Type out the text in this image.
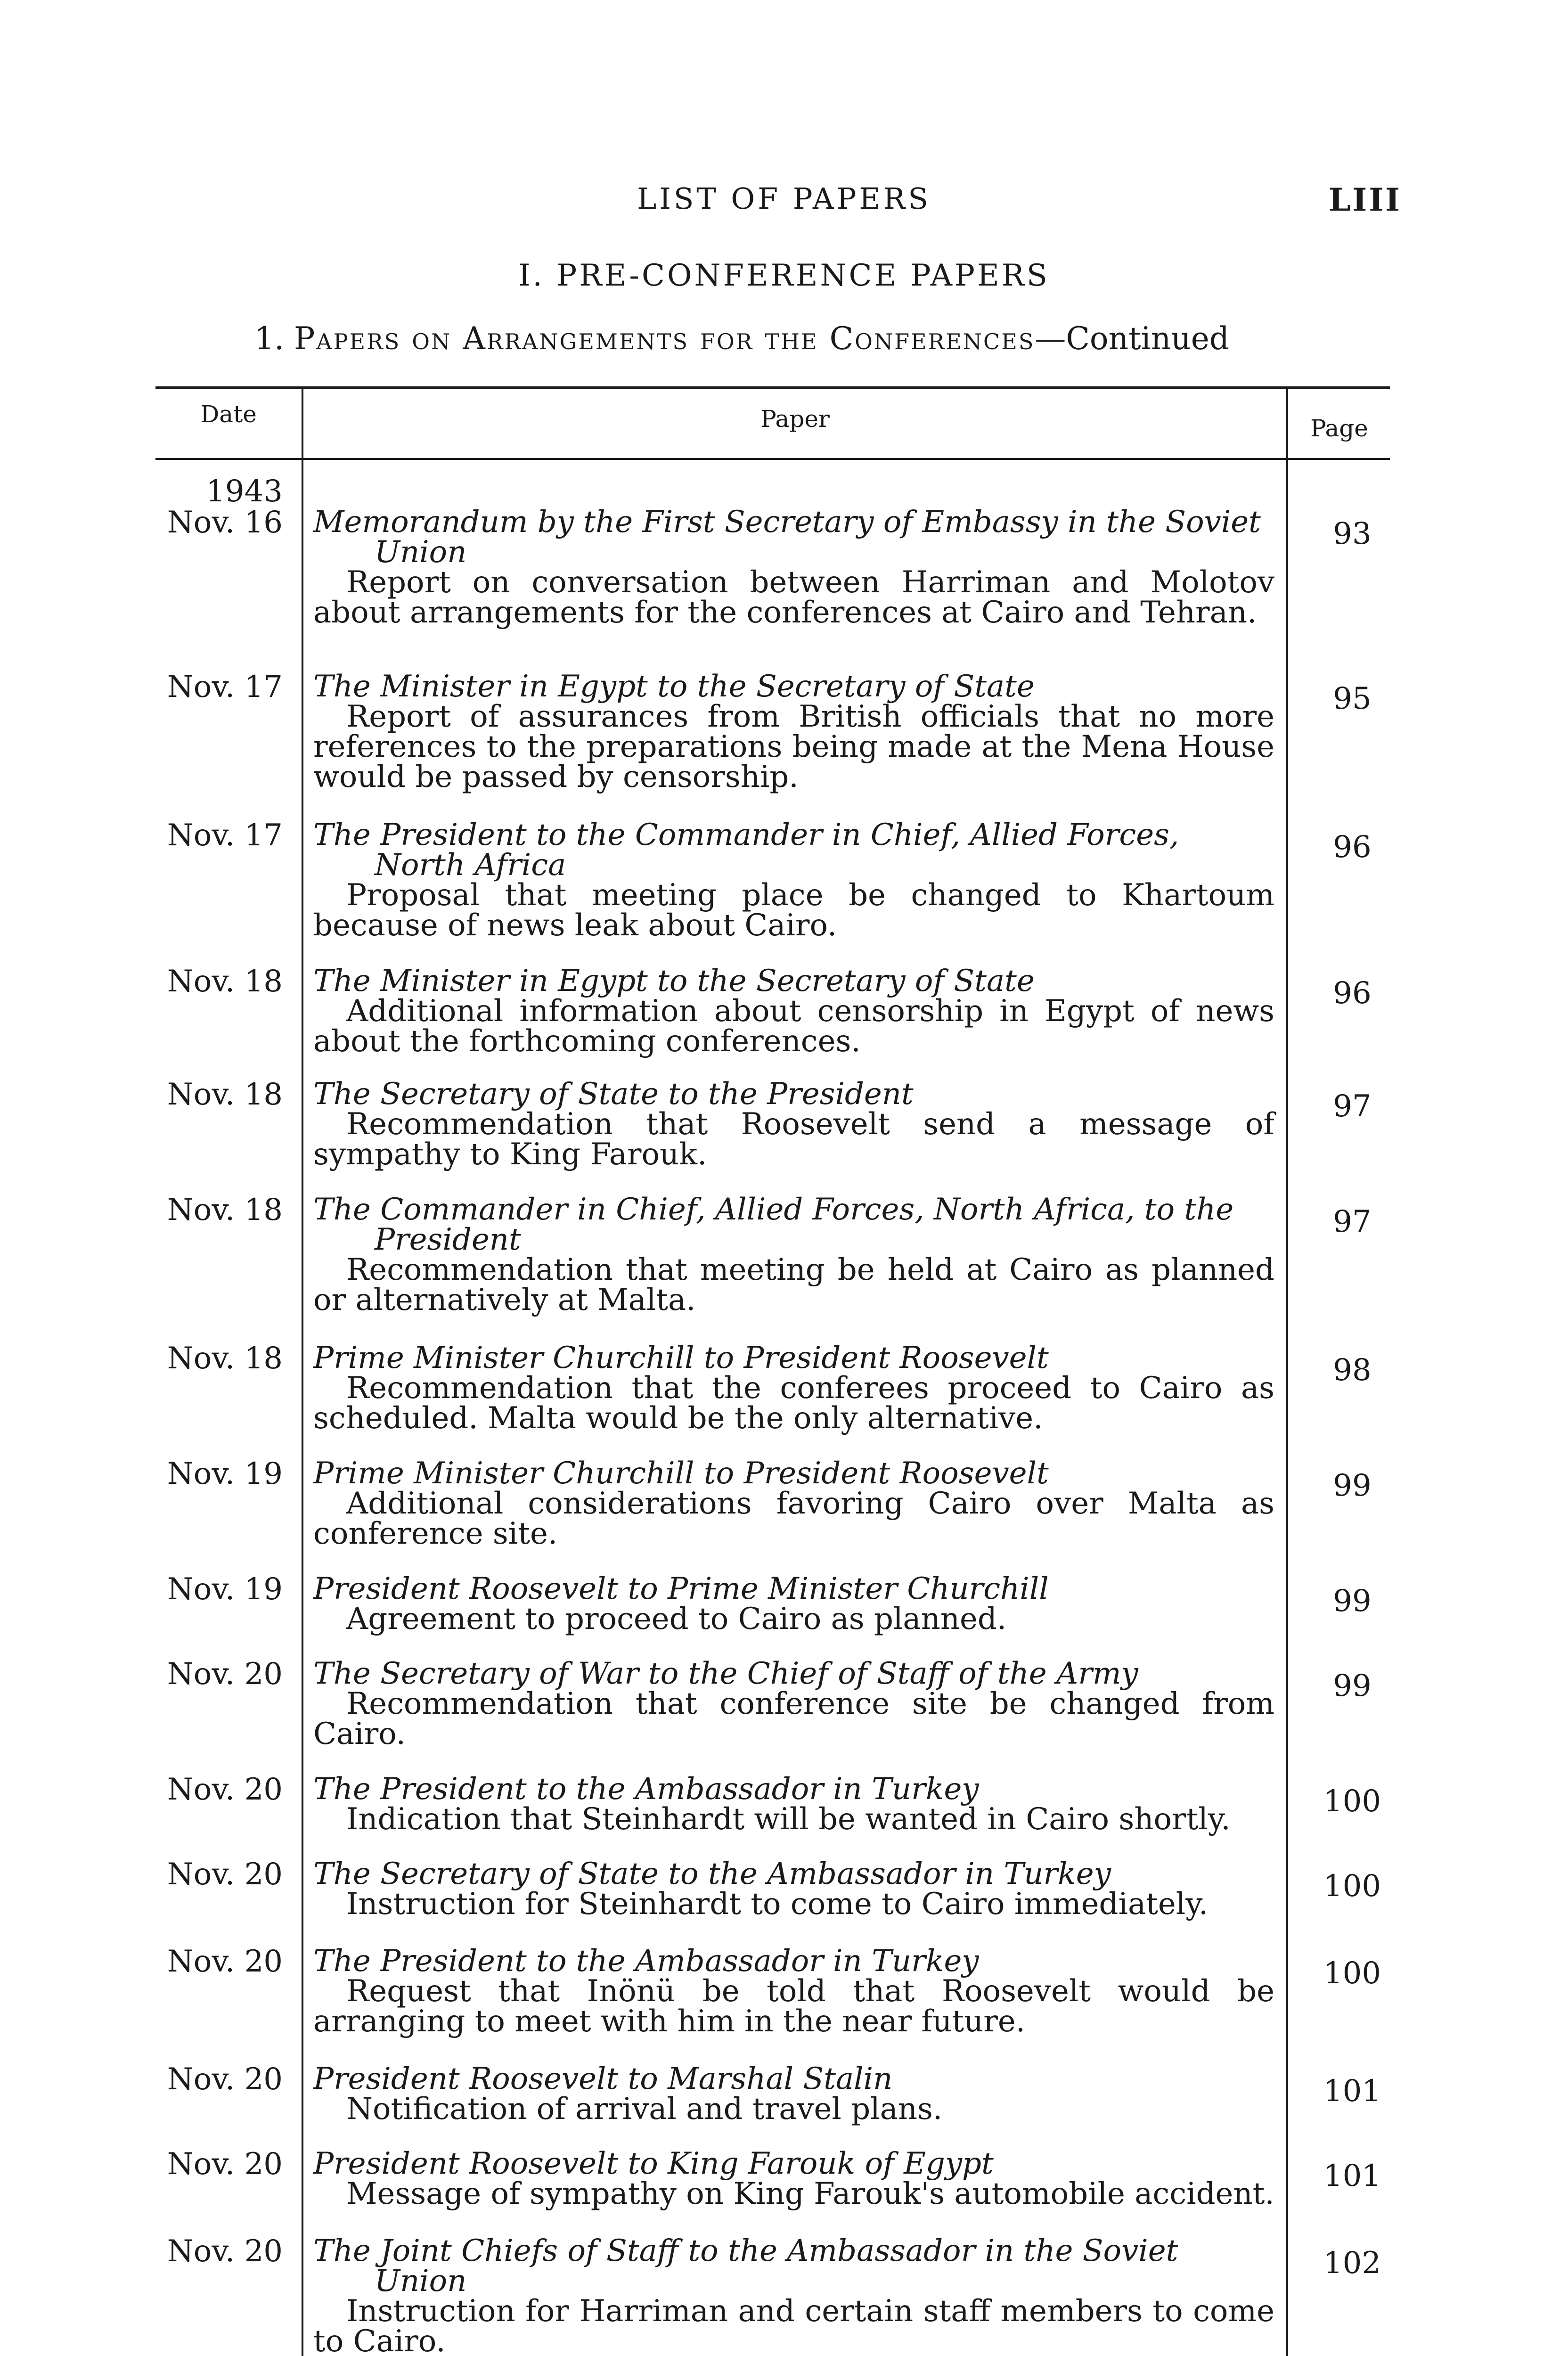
LIST OF PAPERS	LIII
I. PRE-CONFERENCE PAPERS
1. Papers on Arrangements for the Conferences—Continued
Date	Paper	Page
1943
Nov. 16 Memorandum by the First Secretary of Embassy in the Soviet Union
Report on conversation between Harriman and Molotov about arrangements for the conferences at Cairo and Tehran.
93
Nov. 17 The Minister in Egypt to the Secretary of State
Report of assurances from British officials that no more references to the preparations being made at the Mena House would be passed by censorship.
95
Nov. 17 The President to the Commander in Chief, Allied Forces, North Africa
Proposal that meeting place be changed to Khartoum because of news leak about Cairo.
96
Nov. 18 The Minister in Egypt to the Secretary of State
Additional information about censorship in Egypt of news about the forthcoming conferences.
96
Nov. 18 The Secretary of State to the President
Recommendation that Roosevelt send a message of sympathy to King Farouk.
97
Nov. 18 The Commander in Chief, Allied Forces, North Africa, to the President
Recommendation that meeting be held at Cairo as planned or alternatively at Malta.
97
Nov. 18 Prime Minister Churchill to President Roosevelt
Recommendation that the conferees proceed to Cairo as scheduled. Malta would be the only alternative.
98
Nov. 19 Prime Minister Churchill to President Roosevelt
Additional considerations favoring Cairo over Malta as conference site.
99
Nov. 19 President Roosevelt to Prime Minister Churchill
Agreement to proceed to Cairo as planned.
99
Nov. 20 The Secretary of War to the Chief of Staff of the Army
Recommendation that conference site be changed from Cairo.
99
Nov. 20 The President to the Ambassador in Turkey
Indication that Steinhardt will be wanted in Cairo shortly.
100
Nov. 20 The Secretary of State to the Ambassador in Turkey
Instruction for Steinhardt to come to Cairo immediately.
100
Nov. 20 The President to the Ambassador in Turkey
Request that Inönü be told that Roosevelt would be arranging to meet with him in the near future.
100
Nov. 20 President Roosevelt to Marshal Stalin
Notification of arrival and travel plans.
101
Nov. 20 President Roosevelt to King Farouk of Egypt
Message of sympathy on King Farouk's automobile accident.
101
Nov. 20 The Joint Chiefs of Staff to the Ambassador in the Soviet Union
Instruction for Harriman and certain staff members to come to Cairo.
102
